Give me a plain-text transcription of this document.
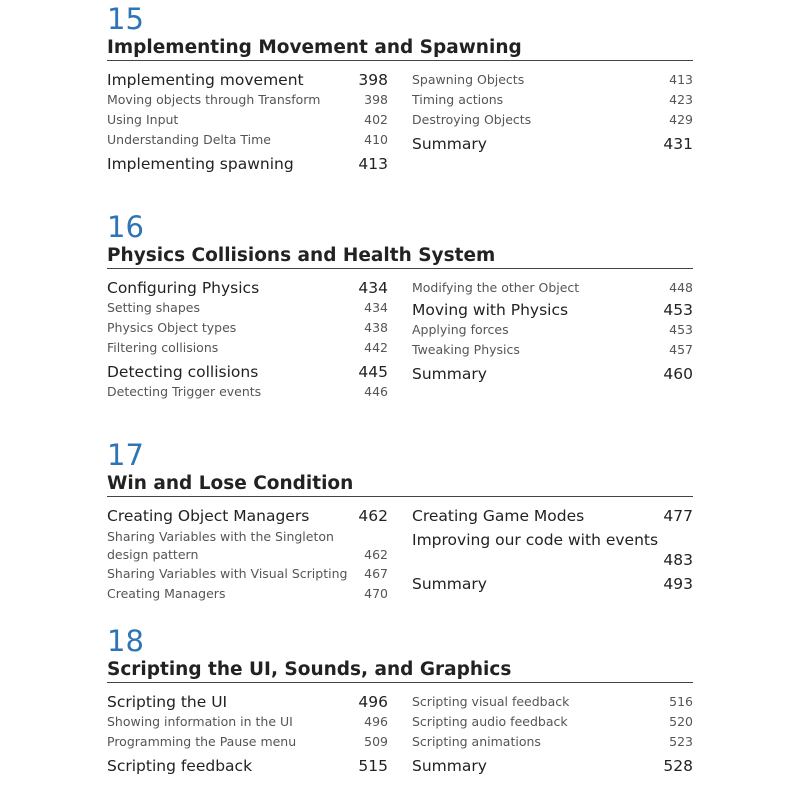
15
Implementing Movement and Spawning
Implementing movement	398
Moving objects through Transform	398
Using Input	402
Understanding Delta Time	410
Implementing spawning	413
Spawning Objects	413
Timing actions	423
Destroying Objects	429
Summary	431
16
Physics Collisions and Health System
Configuring Physics	434
Setting shapes	434
Physics Object types	438
Filtering collisions	442
Detecting collisions	445
Detecting Trigger events	446
Modifying the other Object	448
Moving with Physics	453
Applying forces	453
Tweaking Physics	457
Summary	460
17
Win and Lose Condition
Creating Object Managers	462
Sharing Variables with the Singleton
design pattern	462
Sharing Variables with Visual Scripting 467
Creating Managers	470
Creating Game Modes	477
Improving our code with events
483
Summary	493
18
Scripting the UI, Sounds, and Graphics
Scripting the UI	496
Showing information in the UI	496
Programming the Pause menu	509
Scripting feedback	515
Scripting visual feedback	516
Scripting audio feedback	520
Scripting animations	523
Summary	528
